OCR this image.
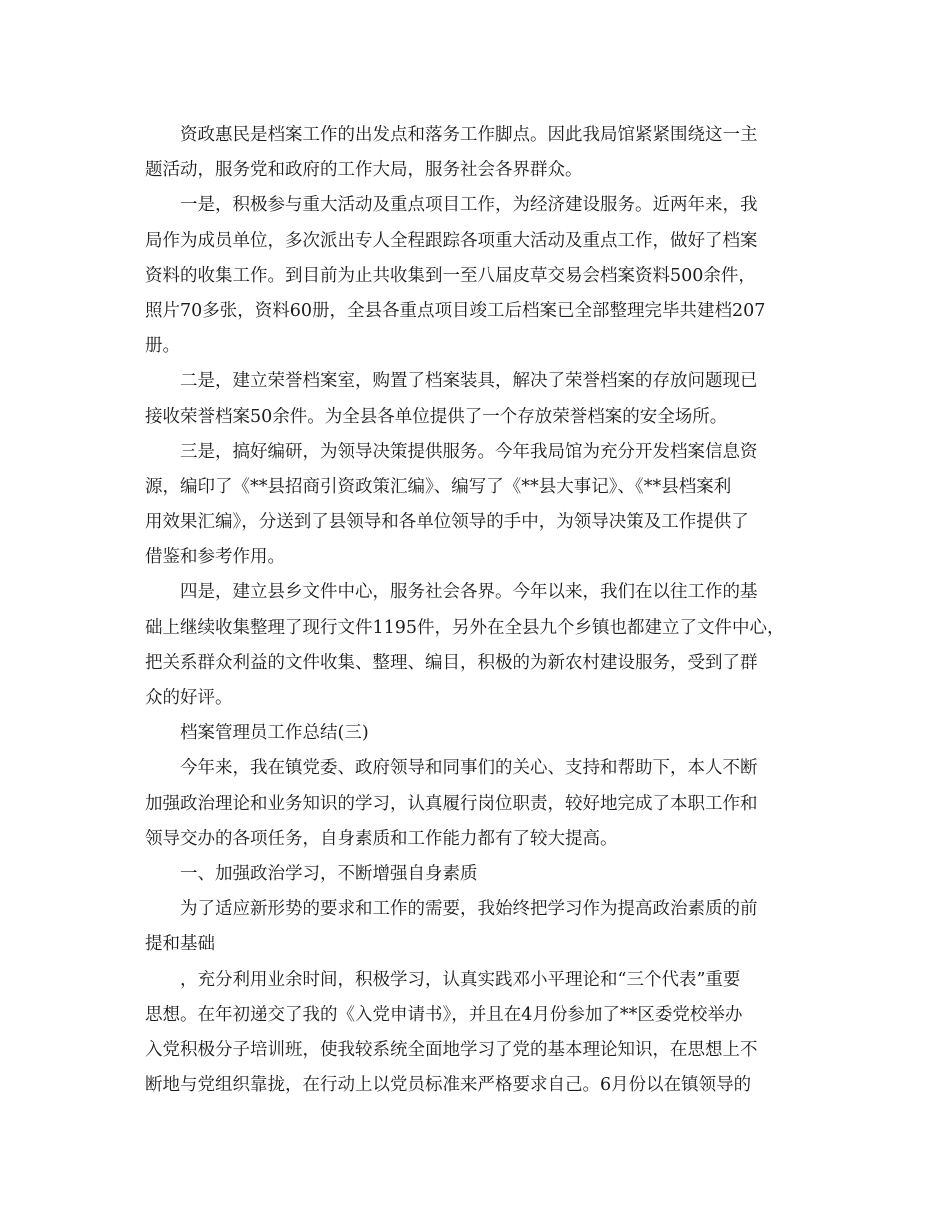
资政惠民是档案工作的出发点和落务工作脚点。因此我局馆紧紧围绕这一主
题活动，服务党和政府的工作大局，服务社会各界群众。
一是，积极参与重大活动及重点项目工作，为经济建设服务。近两年来，我
局作为成员单位，多次派出专人全程跟踪各项重大活动及重点工作，做好了档案
资料的收集工作。到目前为止共收集到一至八届皮草交易会档案资料500余件，
照片70多张，资料60册，全县各重点项目竣工后档案已全部整理完毕共建档207
册。
二是，建立荣誉档案室，购置了档案装具，解决了荣誉档案的存放问题现已
接收荣誉档案50余件。为全县各单位提供了一个存放荣誉档案的安全场所。
三是，搞好编研，为领导决策提供服务。今年我局馆为充分开发档案信息资
源，编印了《**县招商引资政策汇编》、编写了《**县大事记》、《**县档案利
用效果汇编》，分送到了县领导和各单位领导的手中，为领导决策及工作提供了
借鉴和参考作用。
四是，建立县乡文件中心，服务社会各界。今年以来，我们在以往工作的基
础上继续收集整理了现行文件1195件，另外在全县九个乡镇也都建立了文件中心，
把关系群众利益的文件收集、整理、编目，积极的为新农村建设服务，受到了群
众的好评。
档案管理员工作总结(三)
今年来，我在镇党委、政府领导和同事们的关心、支持和帮助下，本人不断
加强政治理论和业务知识的学习，认真履行岗位职责，较好地完成了本职工作和
领导交办的各项任务，自身素质和工作能力都有了较大提高。
一、加强政治学习，不断增强自身素质
为了适应新形势的要求和工作的需要，我始终把学习作为提高政治素质的前
提和基础
，充分利用业余时间，积极学习，认真实践邓小平理论和“三个代表”重要
思想。在年初递交了我的《入党申请书》，并且在4月份参加了**区委党校举办
入党积极分子培训班，使我较系统全面地学习了党的基本理论知识，在思想上不
断地与党组织靠拢，在行动上以党员标准来严格要求自己。6月份以在镇领导的
